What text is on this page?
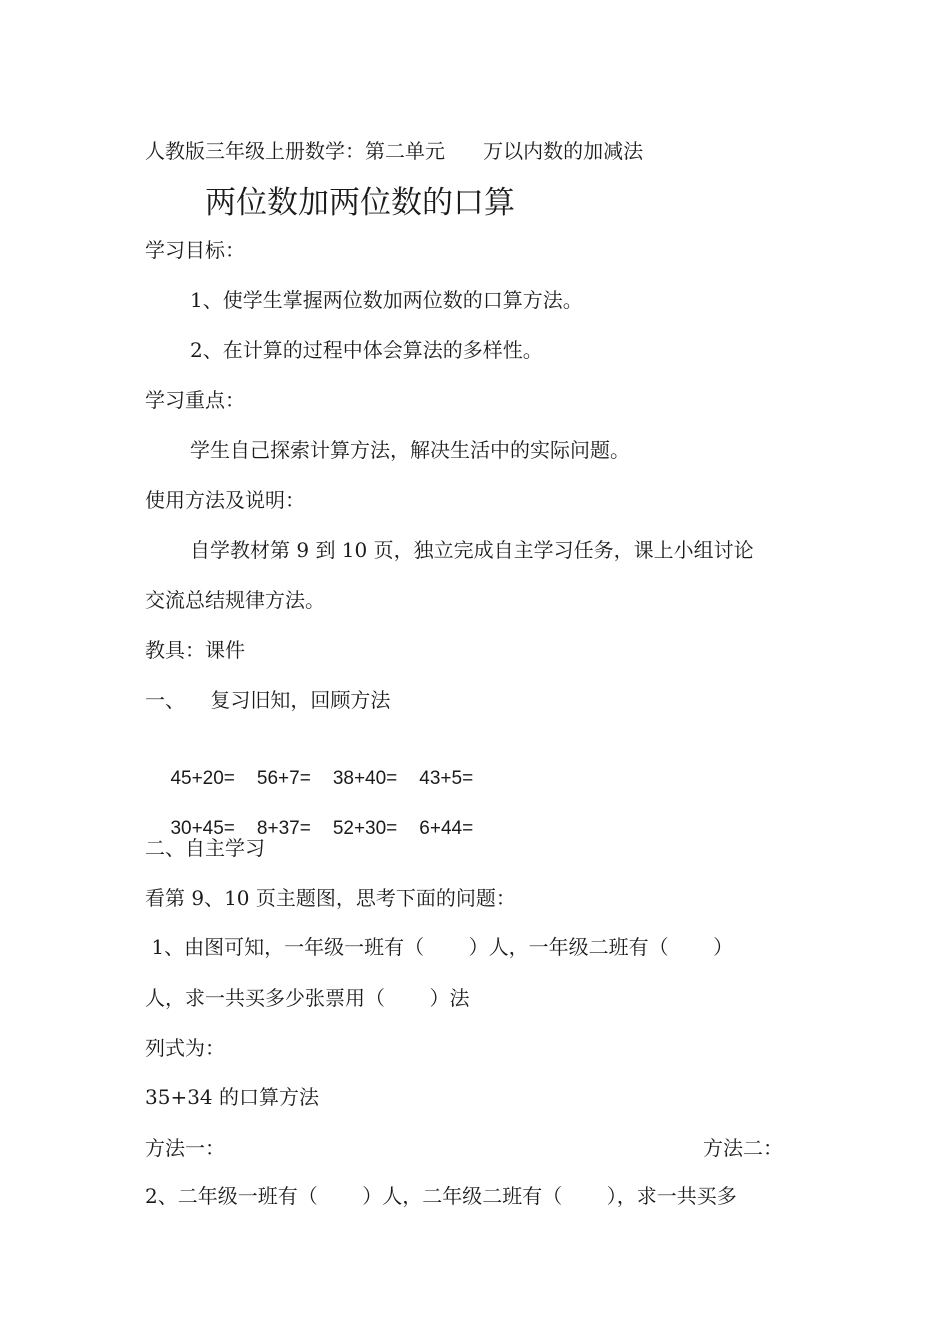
人教版三年级上册数学：第二单元      万以内数的加减法
两位数加两位数的口算
学习目标：
1、使学生掌握两位数加两位数的口算方法。
2、在计算的过程中体会算法的多样性。
学习重点：
学生自己探索计算方法，解决生活中的实际问题。
使用方法及说明：
自学教材第 9 到 10 页，独立完成自主学习任务，课上小组讨论
交流总结规律方法。
教具：课件
一、    复习旧知，回顾方法

45+20= 56+7= 38+40= 43+5=

30+45= 8+37= 52+30= 6+44=

二、自主学习
看第 9、10 页主题图，思考下面的问题：
1、由图可知，一年级一班有（       ）人，一年级二班有（       ）
人，求一共买多少张票用（       ）法
列式为：
35+34 的口算方法
方法一：	方法二：
2、二年级一班有（       ）人，二年级二班有（       ），求一共买多
